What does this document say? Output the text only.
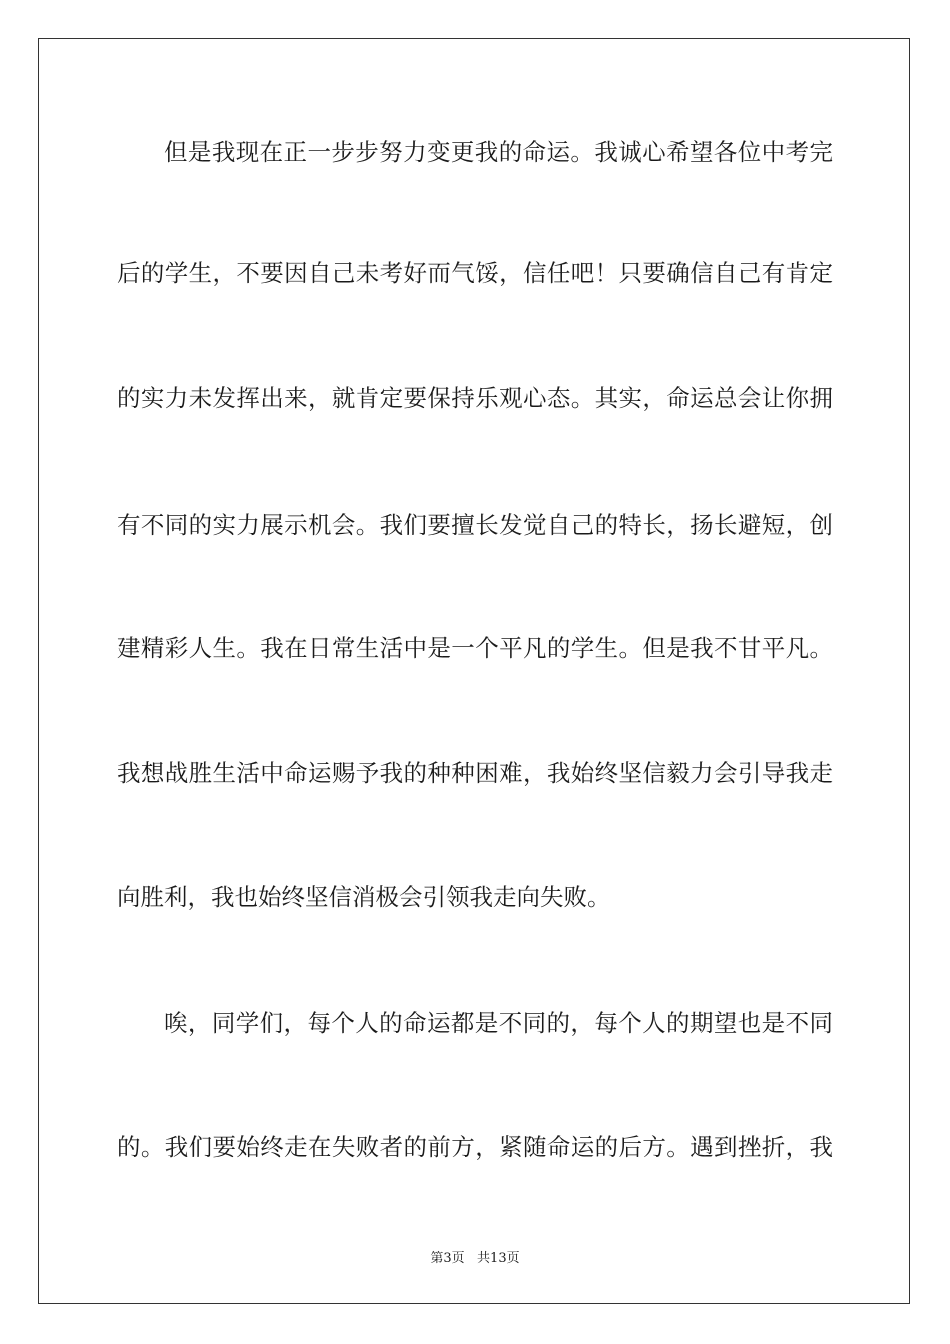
但是我现在正一步步努力变更我的命运。我诚心希望各位中考完
后的学生，不要因自己未考好而气馁，信任吧！只要确信自己有肯定
的实力未发挥出来，就肯定要保持乐观心态。其实，命运总会让你拥
有不同的实力展示机会。我们要擅长发觉自己的特长，扬长避短，创
建精彩人生。我在日常生活中是一个平凡的学生。但是我不甘平凡。
我想战胜生活中命运赐予我的种种困难，我始终坚信毅力会引导我走
向胜利，我也始终坚信消极会引领我走向失败。
唉，同学们，每个人的命运都是不同的，每个人的期望也是不同
的。我们要始终走在失败者的前方，紧随命运的后方。遇到挫折，我
第3页   共13页
